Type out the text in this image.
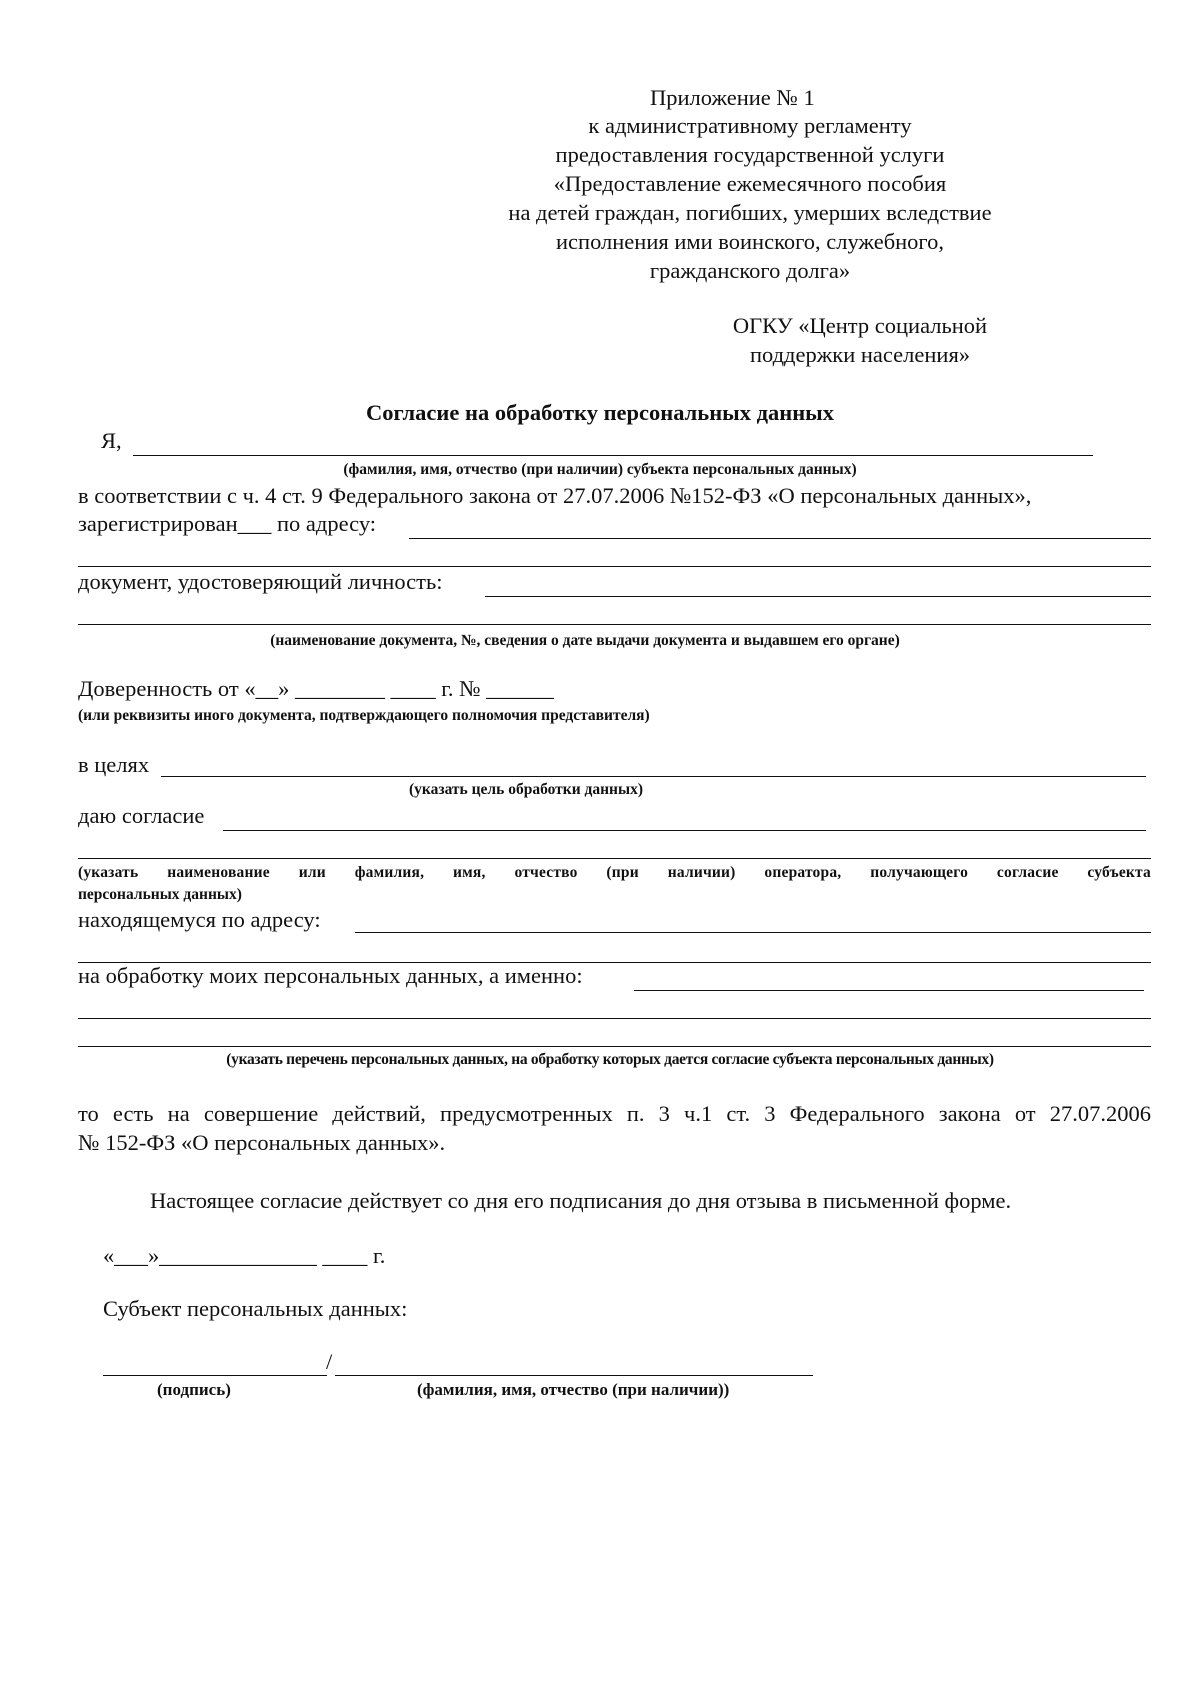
Приложение № 1
к административному регламенту
предоставления государственной услуги
«Предоставление ежемесячного пособия
на детей граждан, погибших, умерших вследствие
исполнения ими воинского, служебного,
гражданского долга»
ОГКУ «Центр социальной
поддержки населения»
Согласие на обработку персональных данных
Я,
(фамилия, имя, отчество (при наличии) субъекта персональных данных)
в соответствии с ч. 4 ст. 9 Федерального закона от 27.07.2006 №152-ФЗ «О персональных данных»,
зарегистрирован___ по адресу:
документ, удостоверяющий личность:
(наименование документа, №, сведения о дате выдачи документа и выдавшем его органе)
Доверенность от «__» ________ ____ г. № ______
(или реквизиты иного документа, подтверждающего полномочия представителя)
в целях
(указать цель обработки данных)
даю согласие
(указать наименование или фамилия, имя, отчество (при наличии) оператора, получающего согласие субъекта
персональных данных)
находящемуся по адресу:
на обработку моих персональных данных, а именно:
(указать перечень персональных данных, на обработку которых дается согласие субъекта персональных данных)
то есть на совершение действий, предусмотренных п. 3 ч.1 ст. 3 Федерального закона от 27.07.2006
№ 152-ФЗ «О персональных данных».
Настоящее согласие действует со дня его подписания до дня отзыва в письменной форме.
«___»______________ ____ г.
Субъект персональных данных:
/
(подпись)	(фамилия, имя, отчество (при наличии))
